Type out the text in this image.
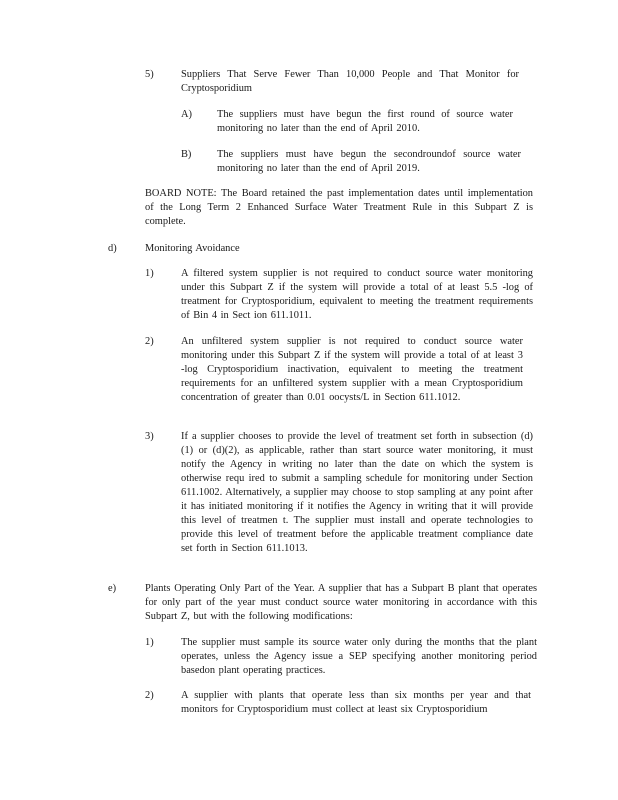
5)	Suppliers That Serve Fewer Than 10,000 People and That Monitor for Cryptosporidium
A) The suppliers must have begun the first round of source water monitoring no later than the end of April 2010.
B) The suppliers must have begun the secondroundof source water monitoring no later than the end of April 2019.
BOARD NOTE: The Board retained the past implementation dates until implementation of the Long Term 2 Enhanced Surface Water Treatment Rule in this Subpart Z is complete.
d)	Monitoring Avoidance
1)	A filtered system supplier is not required to conduct source water monitoring under this Subpart Z if the system will provide a total of at least 5.5 -log of treatment for Cryptosporidium, equivalent to meeting the treatment requirements of Bin 4 in Sect ion 611.1011.
2)	An unfiltered system supplier is not required to conduct source water monitoring under this Subpart Z if the system will provide a total of at least 3 -log Cryptosporidium inactivation, equivalent to meeting the treatment requirements for an unfiltered system supplier with a mean Cryptosporidium concentration of greater than 0.01 oocysts/L in Section 611.1012.
3)	If a supplier chooses to provide the level of treatment set forth in subsection (d)(1) or (d)(2), as applicable, rather than start source water monitoring, it must notify the Agency in writing no later than the date on which the system is otherwise requ ired to submit a sampling schedule for monitoring under Section 611.1002. Alternatively, a supplier may choose to stop sampling at any point after it has initiated monitoring if it notifies the Agency in writing that it will provide this level of treatmen t. The supplier must install and operate technologies to provide this level of treatment before the applicable treatment compliance date set forth in Section 611.1013.
e)	Plants Operating Only Part of the Year. A supplier that has a Subpart B plant that operates for only part of the year must conduct source water monitoring in accordance with this Subpart Z, but with the following modifications:
1)	The supplier must sample its source water only during the months that the plant operates, unless the Agency issue a SEP specifying another monitoring period basedon plant operating practices.
2)	A supplier with plants that operate less than six months per year and that monitors for Cryptosporidium must collect at least six Cryptosporidium
